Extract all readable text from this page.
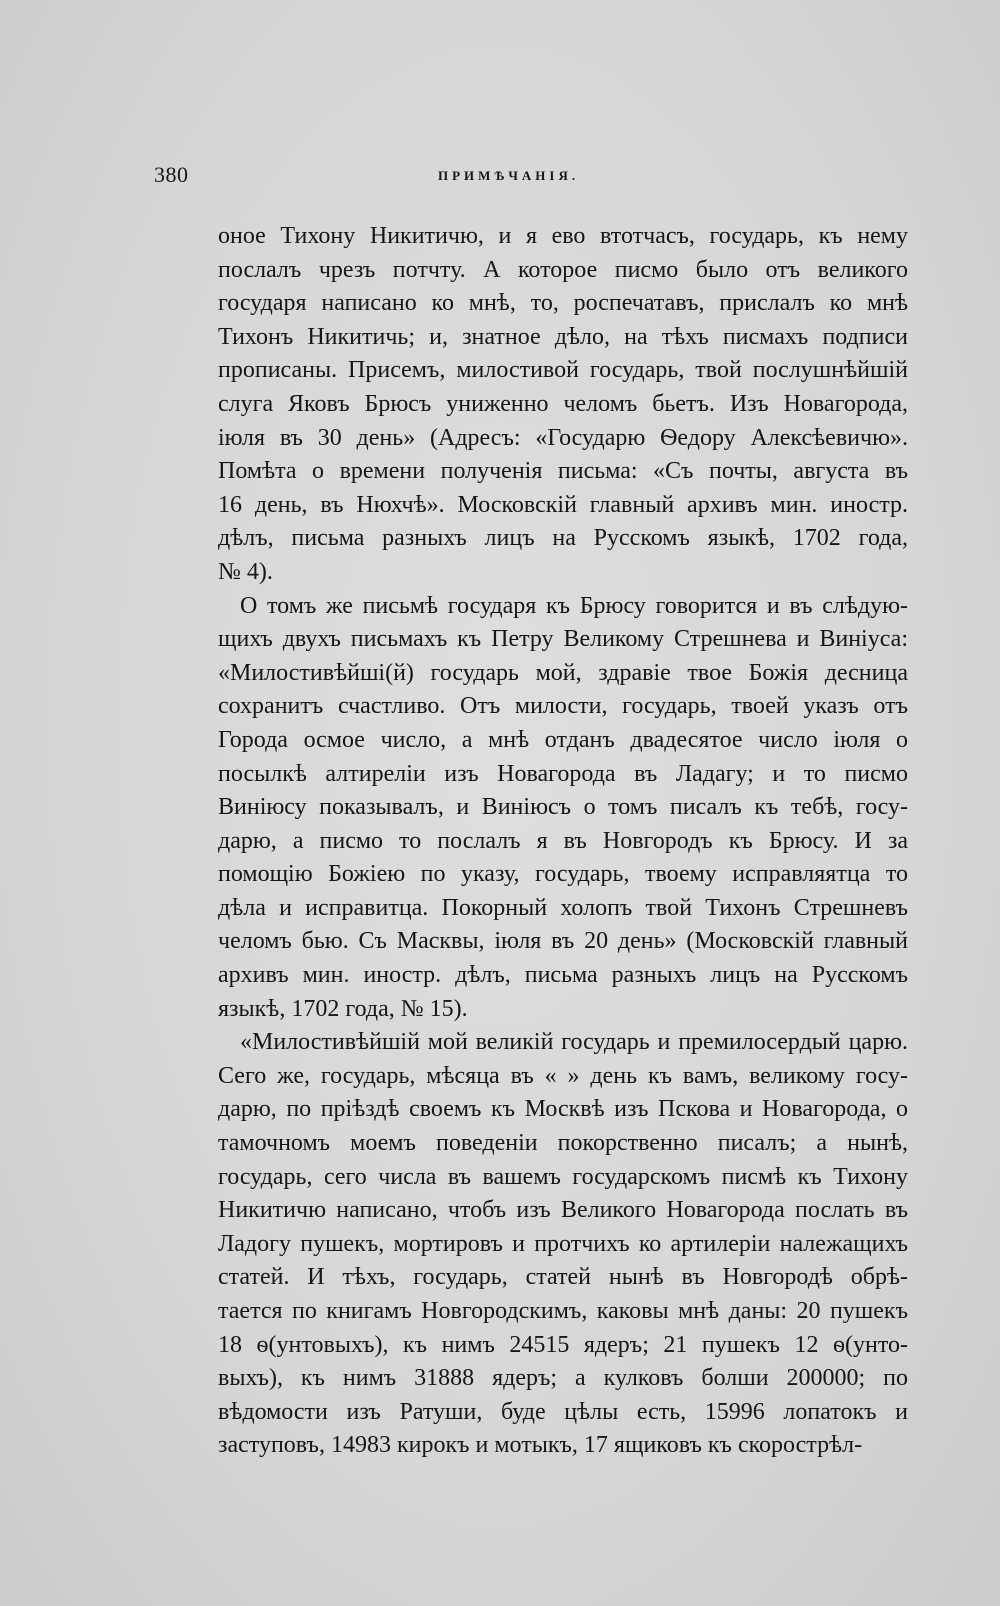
380	ПРИМѢЧАНІЯ.
оное Тихону Никитичю, и я ево втотчасъ, государь, къ нему
послалъ чрезъ потчту. А которое писмо было отъ великого
государя написано ко мнѣ, то, роспечатавъ, прислалъ ко мнѣ
Тихонъ Никитичь; и, знатное дѣло, на тѣхъ писмахъ подписи
прописаны. Присемъ, милостивой государь, твой послушнѣйшій
слуга Яковъ Брюсъ униженно челомъ бьетъ. Изъ Новагорода,
іюля въ 30 день» (Адресъ: «Государю Ѳедору Алексѣевичю».
Помѣта о времени полученія письма: «Съ почты, августа въ
16 день, въ Нюхчѣ». Московскій главный архивъ мин. иностр.
дѣлъ, письма разныхъ лицъ на Русскомъ языкѣ, 1702 года,
№ 4).
О томъ же письмѣ государя къ Брюсу говорится и въ слѣдую-
щихъ двухъ письмахъ къ Петру Великому Стрешнева и Виніуса:
«Милостивѣйші(й) государь мой, здравіе твое Божія десница
сохранитъ счастливо. Отъ милости, государь, твоей указъ отъ
Города осмое число, а мнѣ отданъ двадесятое число іюля о
посылкѣ алтиреліи изъ Новагорода въ Ладагу; и то писмо
Виніюсу показывалъ, и Виніюсъ о томъ писалъ къ тебѣ, госу-
дарю, а писмо то послалъ я въ Новгородъ къ Брюсу. И за
помощію Божіею по указу, государь, твоему исправляятца то
дѣла и исправитца. Покорный холопъ твой Тихонъ Стрешневъ
челомъ бью. Съ Масквы, іюля въ 20 день» (Московскій главный
архивъ мин. иностр. дѣлъ, письма разныхъ лицъ на Русскомъ
языкѣ, 1702 года, № 15).
«Милостивѣйшій мой великій государь и премилосердый царю.
Сего же, государь, мѣсяца въ « » день къ вамъ, великому госу-
дарю, по пріѣздѣ своемъ къ Москвѣ изъ Пскова и Новагорода, о
тамочномъ моемъ поведеніи покорственно писалъ; а нынѣ,
государь, сего числа въ вашемъ государскомъ писмѣ къ Тихону
Никитичю написано, чтобъ изъ Великого Новагорода послать въ
Ладогу пушекъ, мортировъ и протчихъ ко артилеріи належащихъ
статей. И тѣхъ, государь, статей нынѣ въ Новгородѣ обрѣ-
тается по книгамъ Новгородскимъ, каковы мнѣ даны: 20 пушекъ
18 ѳ(унтовыхъ), къ нимъ 24515 ядеръ; 21 пушекъ 12 ѳ(унто-
выхъ), къ нимъ 31888 ядеръ; а кулковъ болши 200000; по
вѣдомости изъ Ратуши, буде цѣлы есть, 15996 лопатокъ и
заступовъ, 14983 кирокъ и мотыкъ, 17 ящиковъ къ скорострѣл-
